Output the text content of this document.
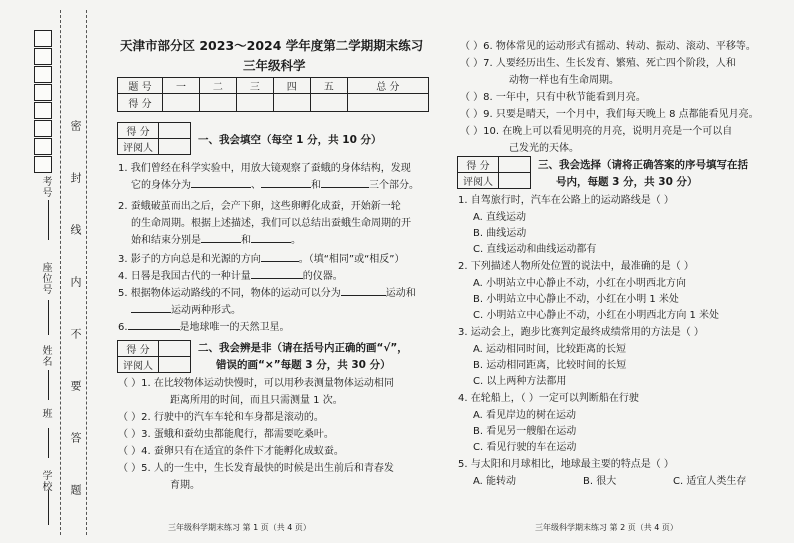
考号
座位号
姓名
班
学校 密 封 线 内 不 要 答 题
天津市部分区 2023～2024 学年度第二学期期末练习
三年级科学
题 号	一	二	三	四	五	总 分
得 分						
得 分	
评阅人	
一、我会填空（每空 1 分，共 10 分）
1. 我们曾经在科学实验中，用放大镜观察了蚕蛾的身体结构，发现
它的身体分为	、	和	三个部分。
2. 蚕蛾破茧而出之后，会产下卵，这些卵孵化成蚕，开始新一轮
的生命周期。根据上述描述，我们可以总结出蚕蛾生命周期的开
始和结束分别是	和	。
3. 影子的方向总是和光源的方向	。（填“相同”或“相反”）
4. 日晷是我国古代的一种计量	的仪器。
5. 根据物体运动路线的不同，物体的运动可以分为	运动和
运动两种形式。
6.	是地球唯一的天然卫星。
得 分	
评阅人	
二、我会辨是非（请在括号内正确的画“√”，
错误的画“×”每题 3 分，共 30 分）
（ ）1. 在比较物体运动快慢时，可以用秒表测量物体运动相同
距离所用的时间，而且只需测量 1 次。
（ ）2. 行驶中的汽车车轮和车身都是滚动的。
（ ）3. 蛋蛾和蚕幼虫都能爬行，都需要吃桑叶。
（ ）4. 蚕卵只有在适宜的条件下才能孵化成蚁蚕。
（ ）5. 人的一生中，生长发育最快的时候是出生前后和青春发
育期。
三年级科学期末练习 第 1 页（共 4 页）
（ ）6. 物体常见的运动形式有摇动、转动、振动、滚动、平移等。
（ ）7. 人要经历出生、生长发育、繁殖、死亡四个阶段，人和
动物一样也有生命周期。
（ ）8. 一年中，只有中秋节能看到月亮。
（ ）9. 只要是晴天，一个月中，我们每天晚上 8 点都能看见月亮。
（ ）10. 在晚上可以看见明亮的月亮，说明月亮是一个可以自
己发光的天体。
得 分	
评阅人	
三、我会选择（请将正确答案的序号填写在括
号内，每题 3 分，共 30 分）
1. 自驾旅行时，汽车在公路上的运动路线是（ ）
A. 直线运动
B. 曲线运动
C. 直线运动和曲线运动都有
2. 下列描述人物所处位置的说法中，最准确的是（ ）
A. 小明站立中心静止不动，小红在小明西北方向
B. 小明站立中心静止不动，小红在小明 1 米处
C. 小明站立中心静止不动，小红在小明西北方向 1 米处
3. 运动会上，跑步比赛判定最终成绩常用的方法是（ ）
A. 运动相同时间，比较距离的长短
B. 运动相同距离，比较时间的长短
C. 以上两种方法都用
4. 在轮船上，（ ）一定可以判断船在行驶
A. 看见岸边的树在运动
B. 看见另一艘船在运动
C. 看见行驶的车在运动
5. 与太阳和月球相比，地球最主要的特点是（ ）
A. 能转动	B. 很大	C. 适宜人类生存
三年级科学期末练习 第 2 页（共 4 页）
